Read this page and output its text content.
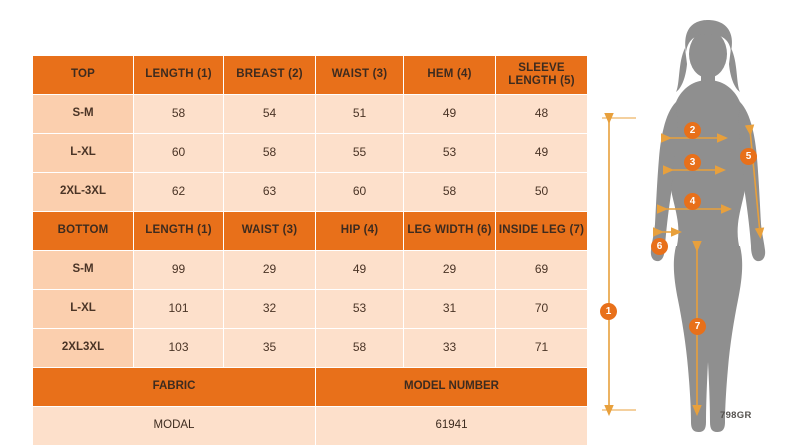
TOP	LENGTH (1)	BREAST (2)	WAIST (3)	HEM (4)	SLEEVE LENGTH (5)
S-M	58	54	51	49	48
L-XL	60	58	55	53	49
2XL-3XL	62	63	60	58	50
BOTTOM	LENGTH (1)	WAIST (3)	HIP (4)	LEG WIDTH (6)	INSIDE LEG (7)
S-M	99	29	49	29	69
L-XL	101	32	53	31	70
2XL3XL	103	35	58	33	71
FABRIC			MODEL NUMBER		
MODAL			61941		
1
2
3
4
5
6
7
798GR
